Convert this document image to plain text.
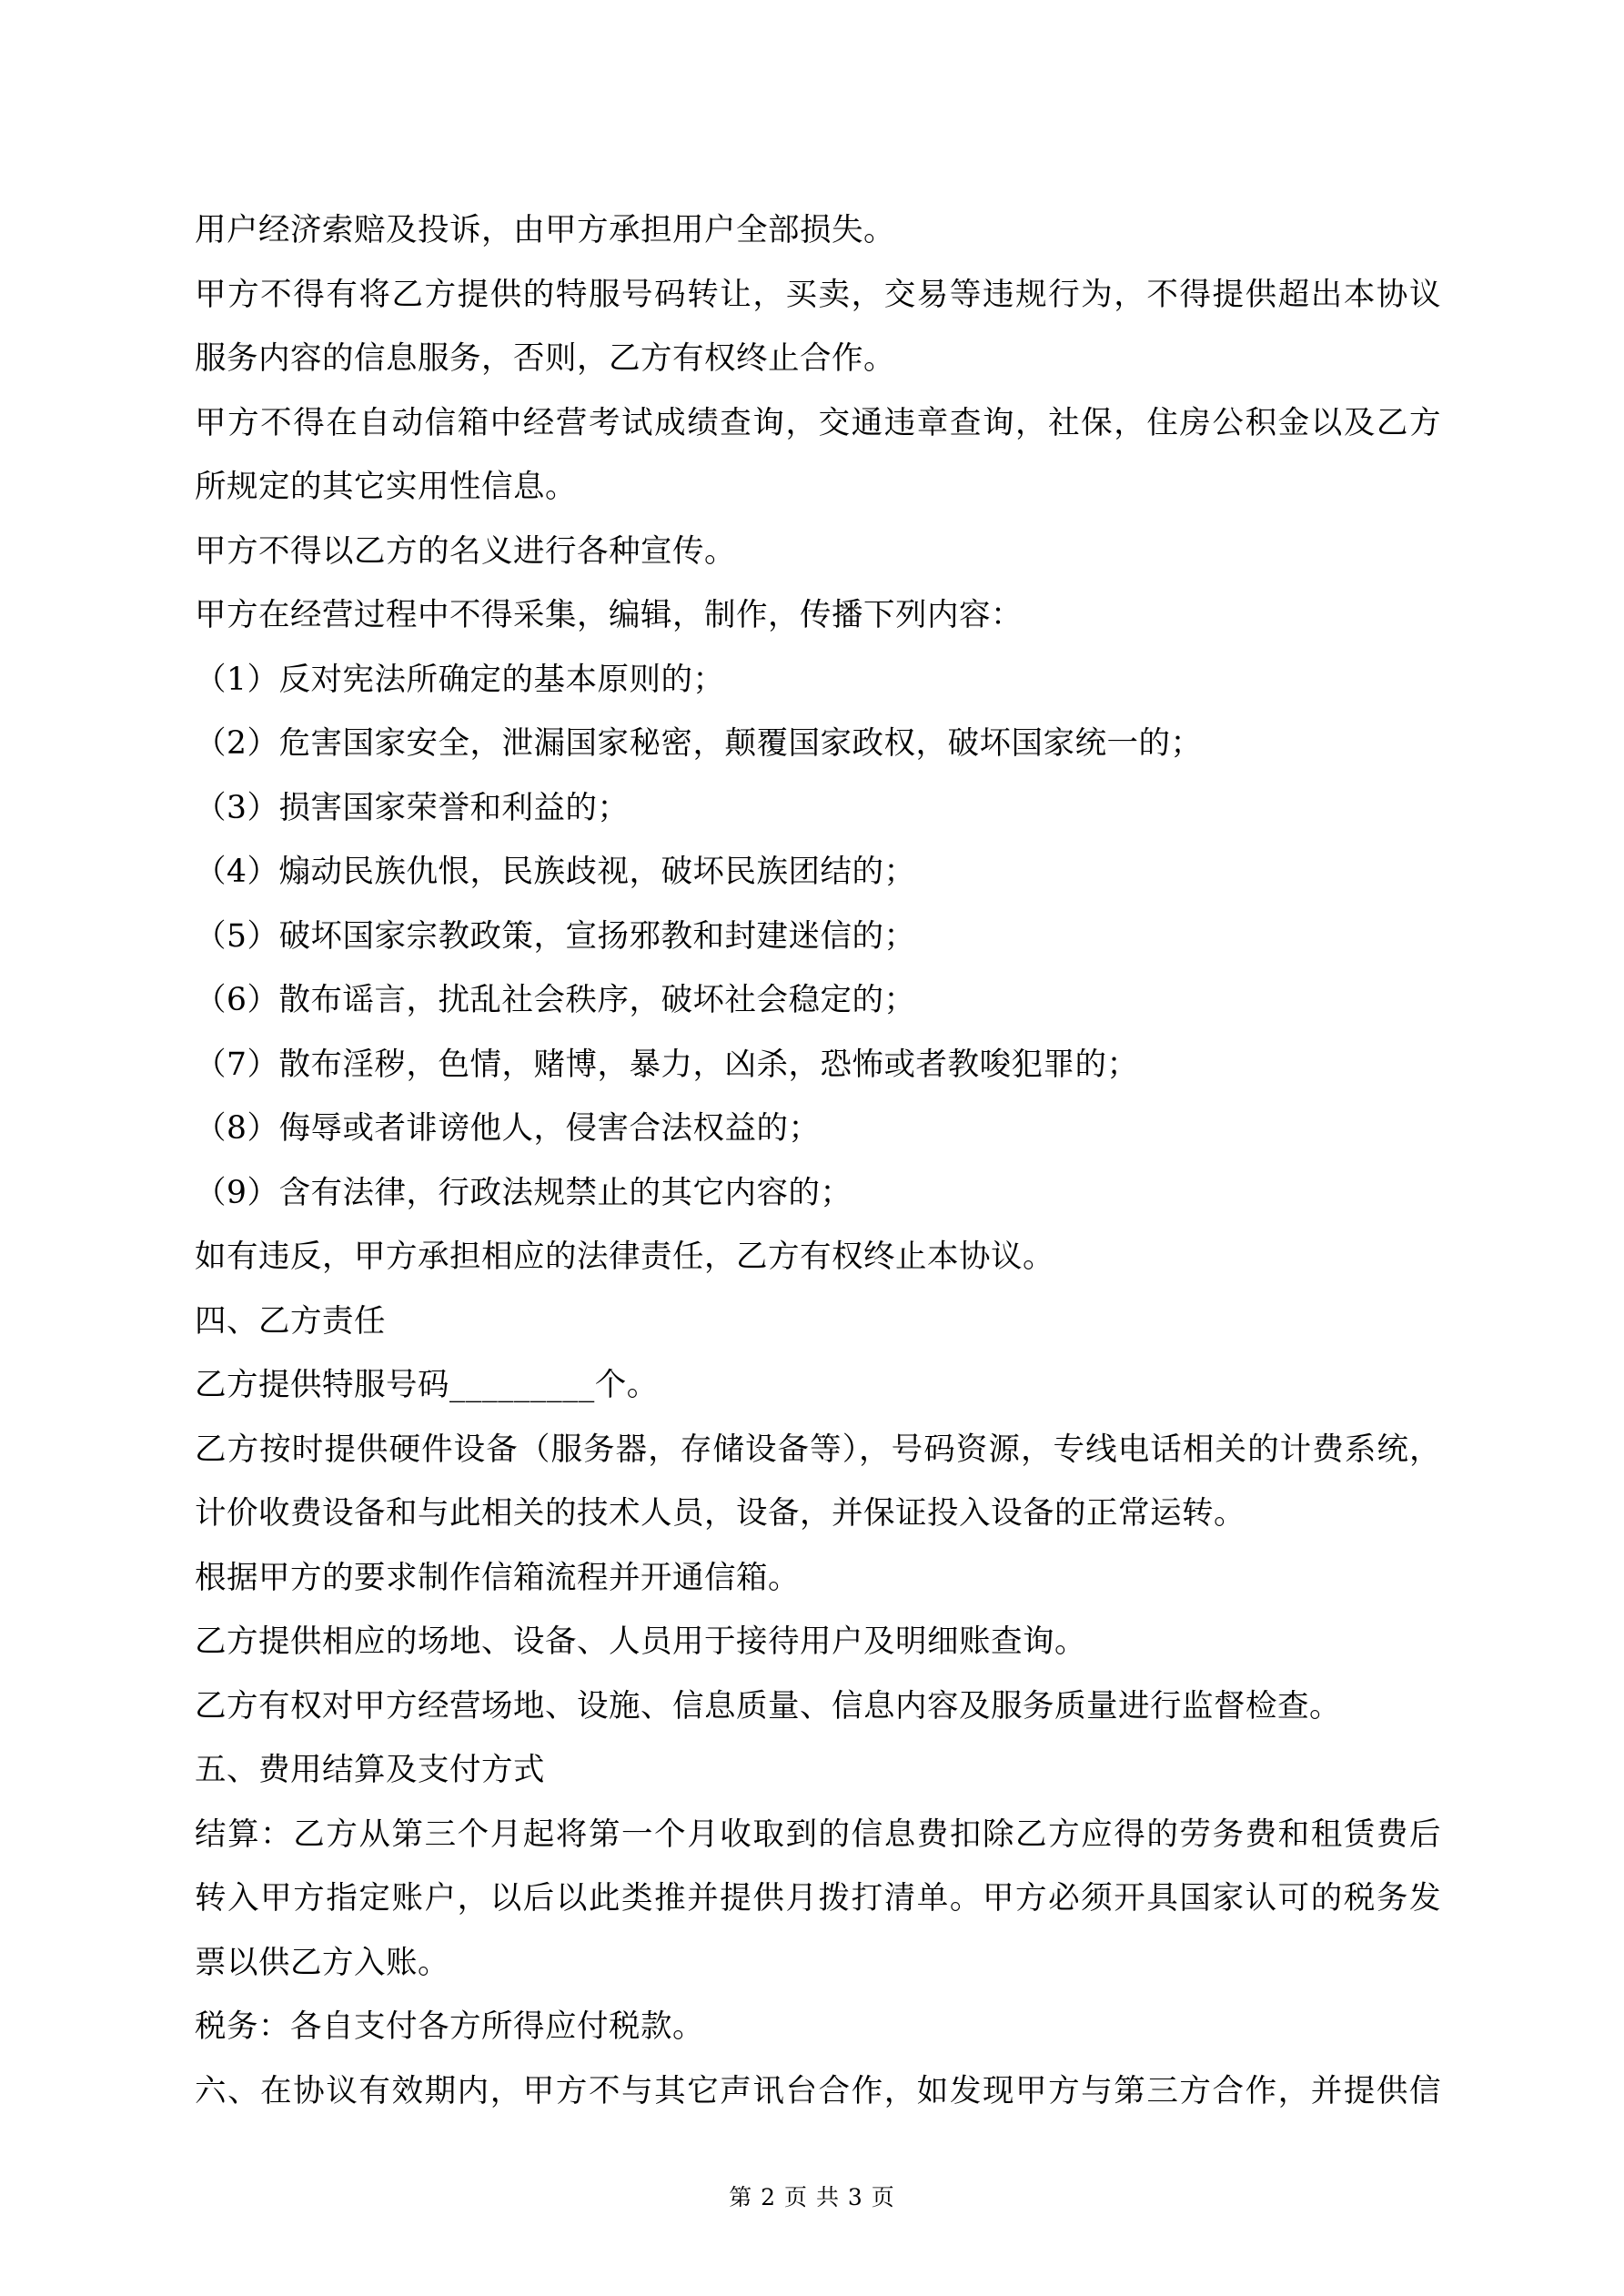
用户经济索赔及投诉，由甲方承担用户全部损失。
甲方不得有将乙方提供的特服号码转让，买卖，交易等违规行为，不得提供超出本协议
服务内容的信息服务，否则，乙方有权终止合作。
甲方不得在自动信箱中经营考试成绩查询，交通违章查询，社保，住房公积金以及乙方
所规定的其它实用性信息。
甲方不得以乙方的名义进行各种宣传。
甲方在经营过程中不得采集，编辑，制作，传播下列内容：
（1）反对宪法所确定的基本原则的；
（2）危害国家安全，泄漏国家秘密，颠覆国家政权，破坏国家统一的；
（3）损害国家荣誉和利益的；
（4）煽动民族仇恨，民族歧视，破坏民族团结的；
（5）破坏国家宗教政策，宣扬邪教和封建迷信的；
（6）散布谣言，扰乱社会秩序，破坏社会稳定的；
（7）散布淫秽，色情，赌博，暴力，凶杀，恐怖或者教唆犯罪的；
（8）侮辱或者诽谤他人，侵害合法权益的；
（9）含有法律，行政法规禁止的其它内容的；
如有违反，甲方承担相应的法律责任，乙方有权终止本协议。
四、乙方责任
乙方提供特服号码_________个。
乙方按时提供硬件设备（服务器，存储设备等），号码资源，专线电话相关的计费系统，
计价收费设备和与此相关的技术人员，设备，并保证投入设备的正常运转。
根据甲方的要求制作信箱流程并开通信箱。
乙方提供相应的场地、设备、人员用于接待用户及明细账查询。
乙方有权对甲方经营场地、设施、信息质量、信息内容及服务质量进行监督检查。
五、费用结算及支付方式
结算：乙方从第三个月起将第一个月收取到的信息费扣除乙方应得的劳务费和租赁费后
转入甲方指定账户，以后以此类推并提供月拨打清单。甲方必须开具国家认可的税务发
票以供乙方入账。
税务：各自支付各方所得应付税款。
六、在协议有效期内，甲方不与其它声讯台合作，如发现甲方与第三方合作，并提供信
第 2 页 共 3 页
